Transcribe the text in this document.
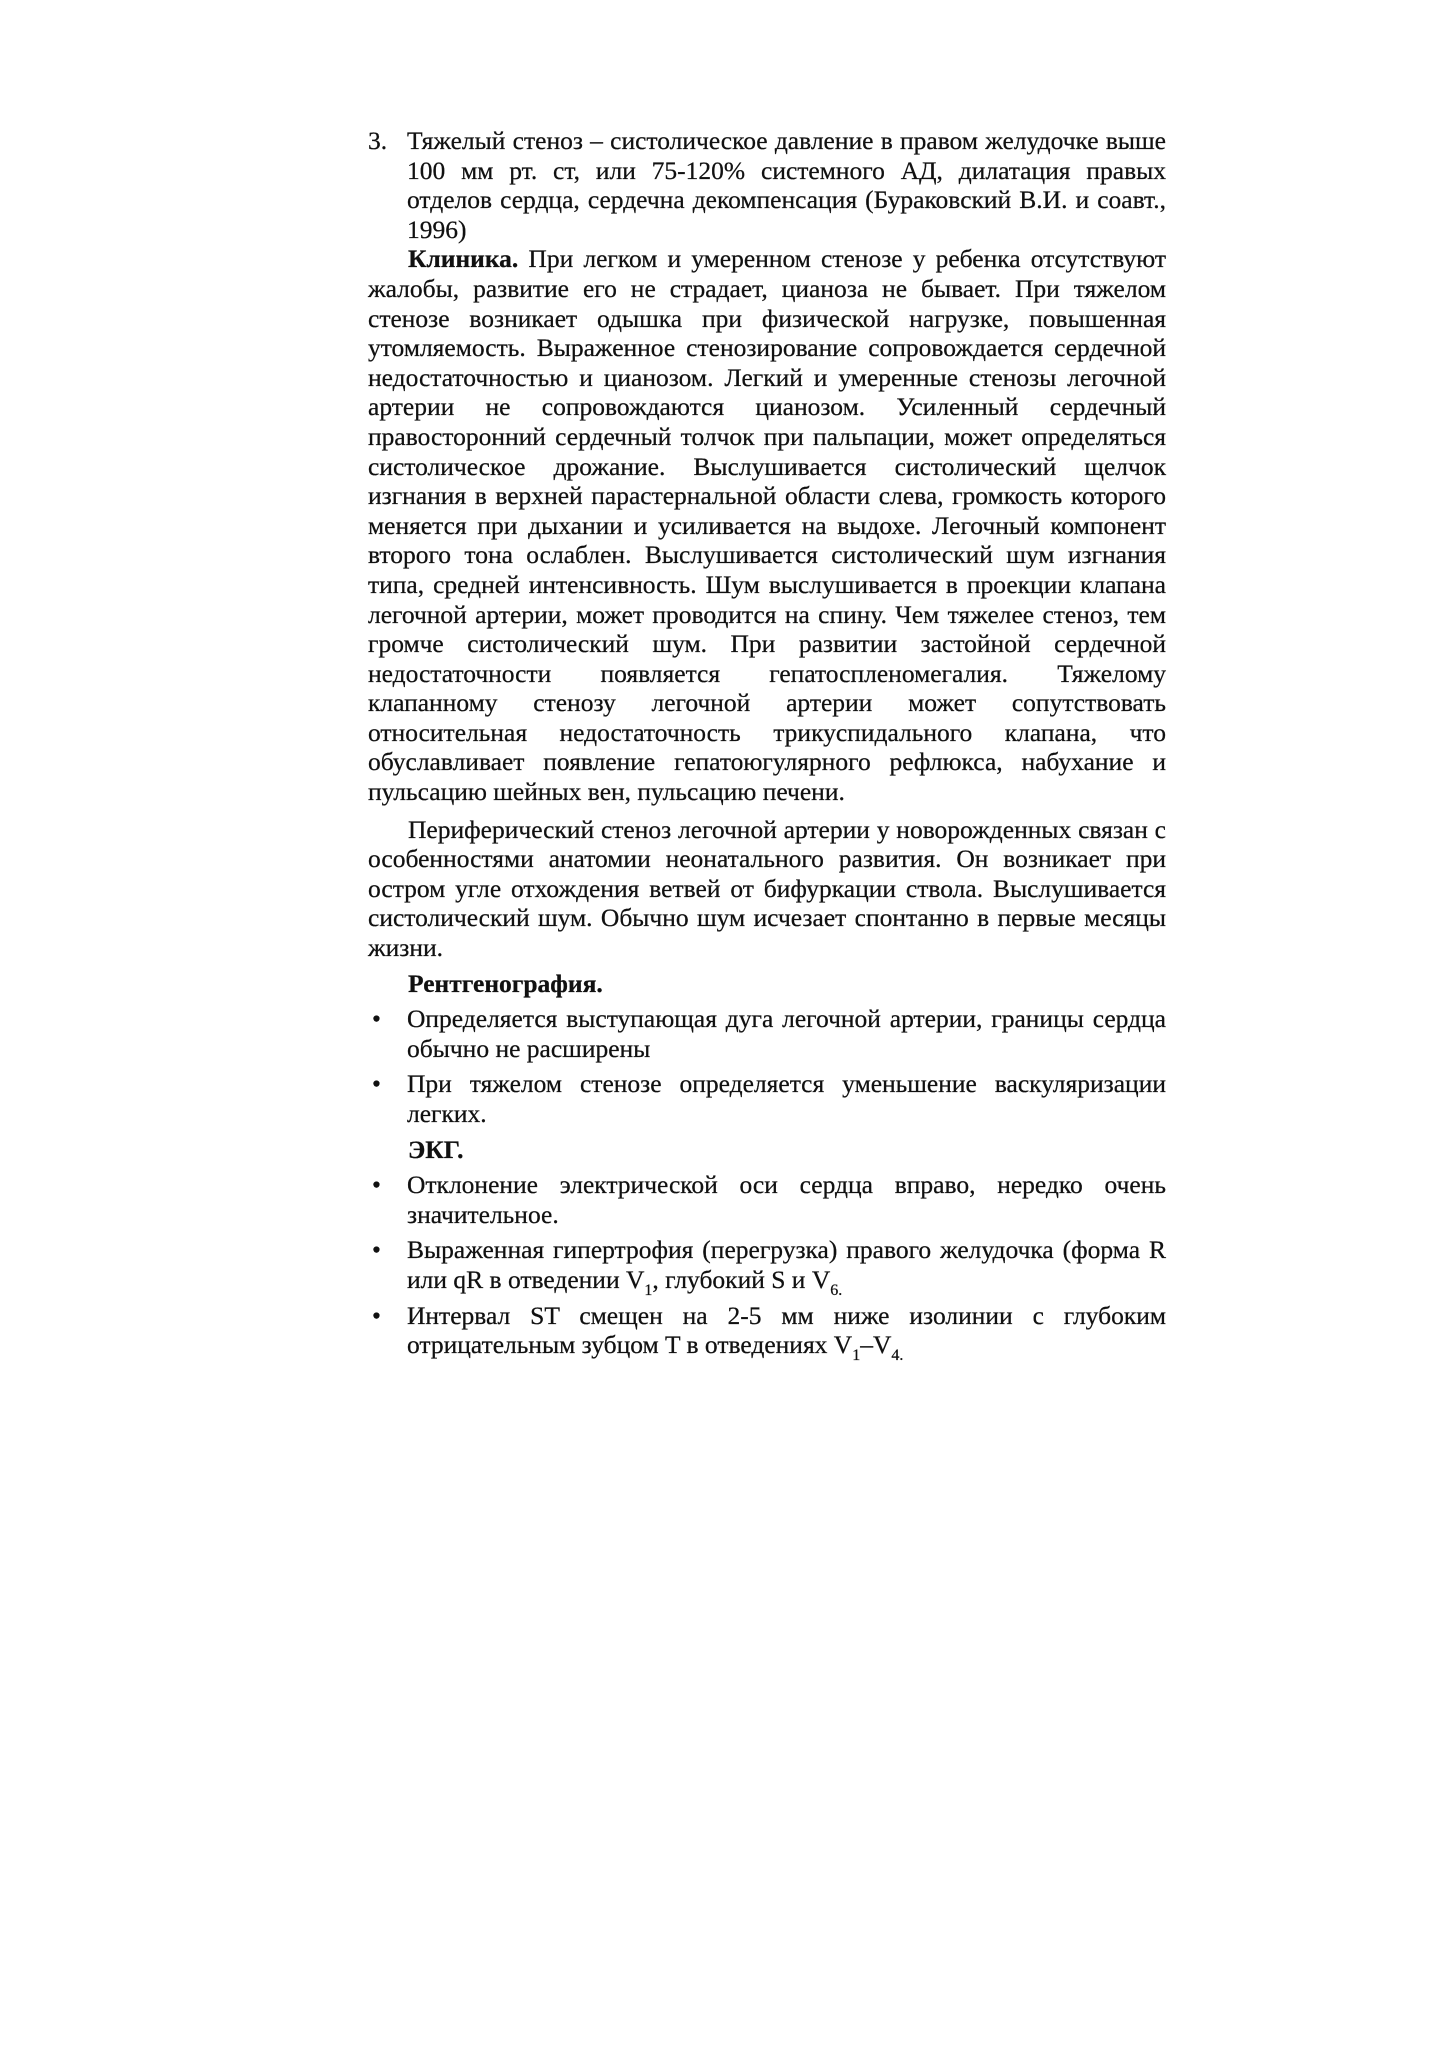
3. Тяжелый стеноз – систолическое давление в правом желудочке выше 100 мм рт. ст, или 75-120% системного АД, дилатация правых отделов сердца, сердечна декомпенсация (Бураковский В.И. и соавт., 1996)

Клиника. При легком и умеренном стенозе у ребенка отсутствуют жалобы, развитие его не страдает, цианоза не бывает. При тяжелом стенозе возникает одышка при физической нагрузке, повышенная утомляемость. Выраженное стенозирование сопровождается сердечной недостаточностью и цианозом. Легкий и умеренные стенозы легочной артерии не сопровождаются цианозом. Усиленный сердечный правосторонний сердечный толчок при пальпации, может определяться систолическое дрожание. Выслушивается систолический щелчок изгнания в верхней парастернальной области слева, громкость которого меняется при дыхании и усиливается на выдохе. Легочный компонент второго тона ослаблен. Выслушивается систолический шум изгнания типа, средней интенсивность. Шум выслушивается в проекции клапана легочной артерии, может проводится на спину. Чем тяжелее стеноз, тем громче систолический шум. При развитии застойной сердечной недостаточности появляется гепатоспленомегалия. Тяжелому клапанному стенозу легочной артерии может сопутствовать относительная недостаточность трикуспидального клапана, что обуславливает появление гепатоюгулярного рефлюкса, набухание и пульсацию шейных вен, пульсацию печени.

Периферический стеноз легочной артерии у новорожденных связан с особенностями анатомии неонатального развития. Он возникает при остром угле отхождения ветвей от бифуркации ствола. Выслушивается систолический шум. Обычно шум исчезает спонтанно в первые месяцы жизни.

Рентгенография.

• Определяется выступающая дуга легочной артерии, границы сердца обычно не расширены
• При тяжелом стенозе определяется уменьшение васкуляризации легких.

ЭКГ.

• Отклонение электрической оси сердца вправо, нередко очень значительное.
• Выраженная гипертрофия (перегрузка) правого желудочка (форма R или qR в отведении $V_1$, глубокий S и $V_{6.}$
• Интервал ST смещен на 2-5 мм ниже изолинии с глубоким отрицательным зубцом T в отведениях $V_1-V_{4.}$
